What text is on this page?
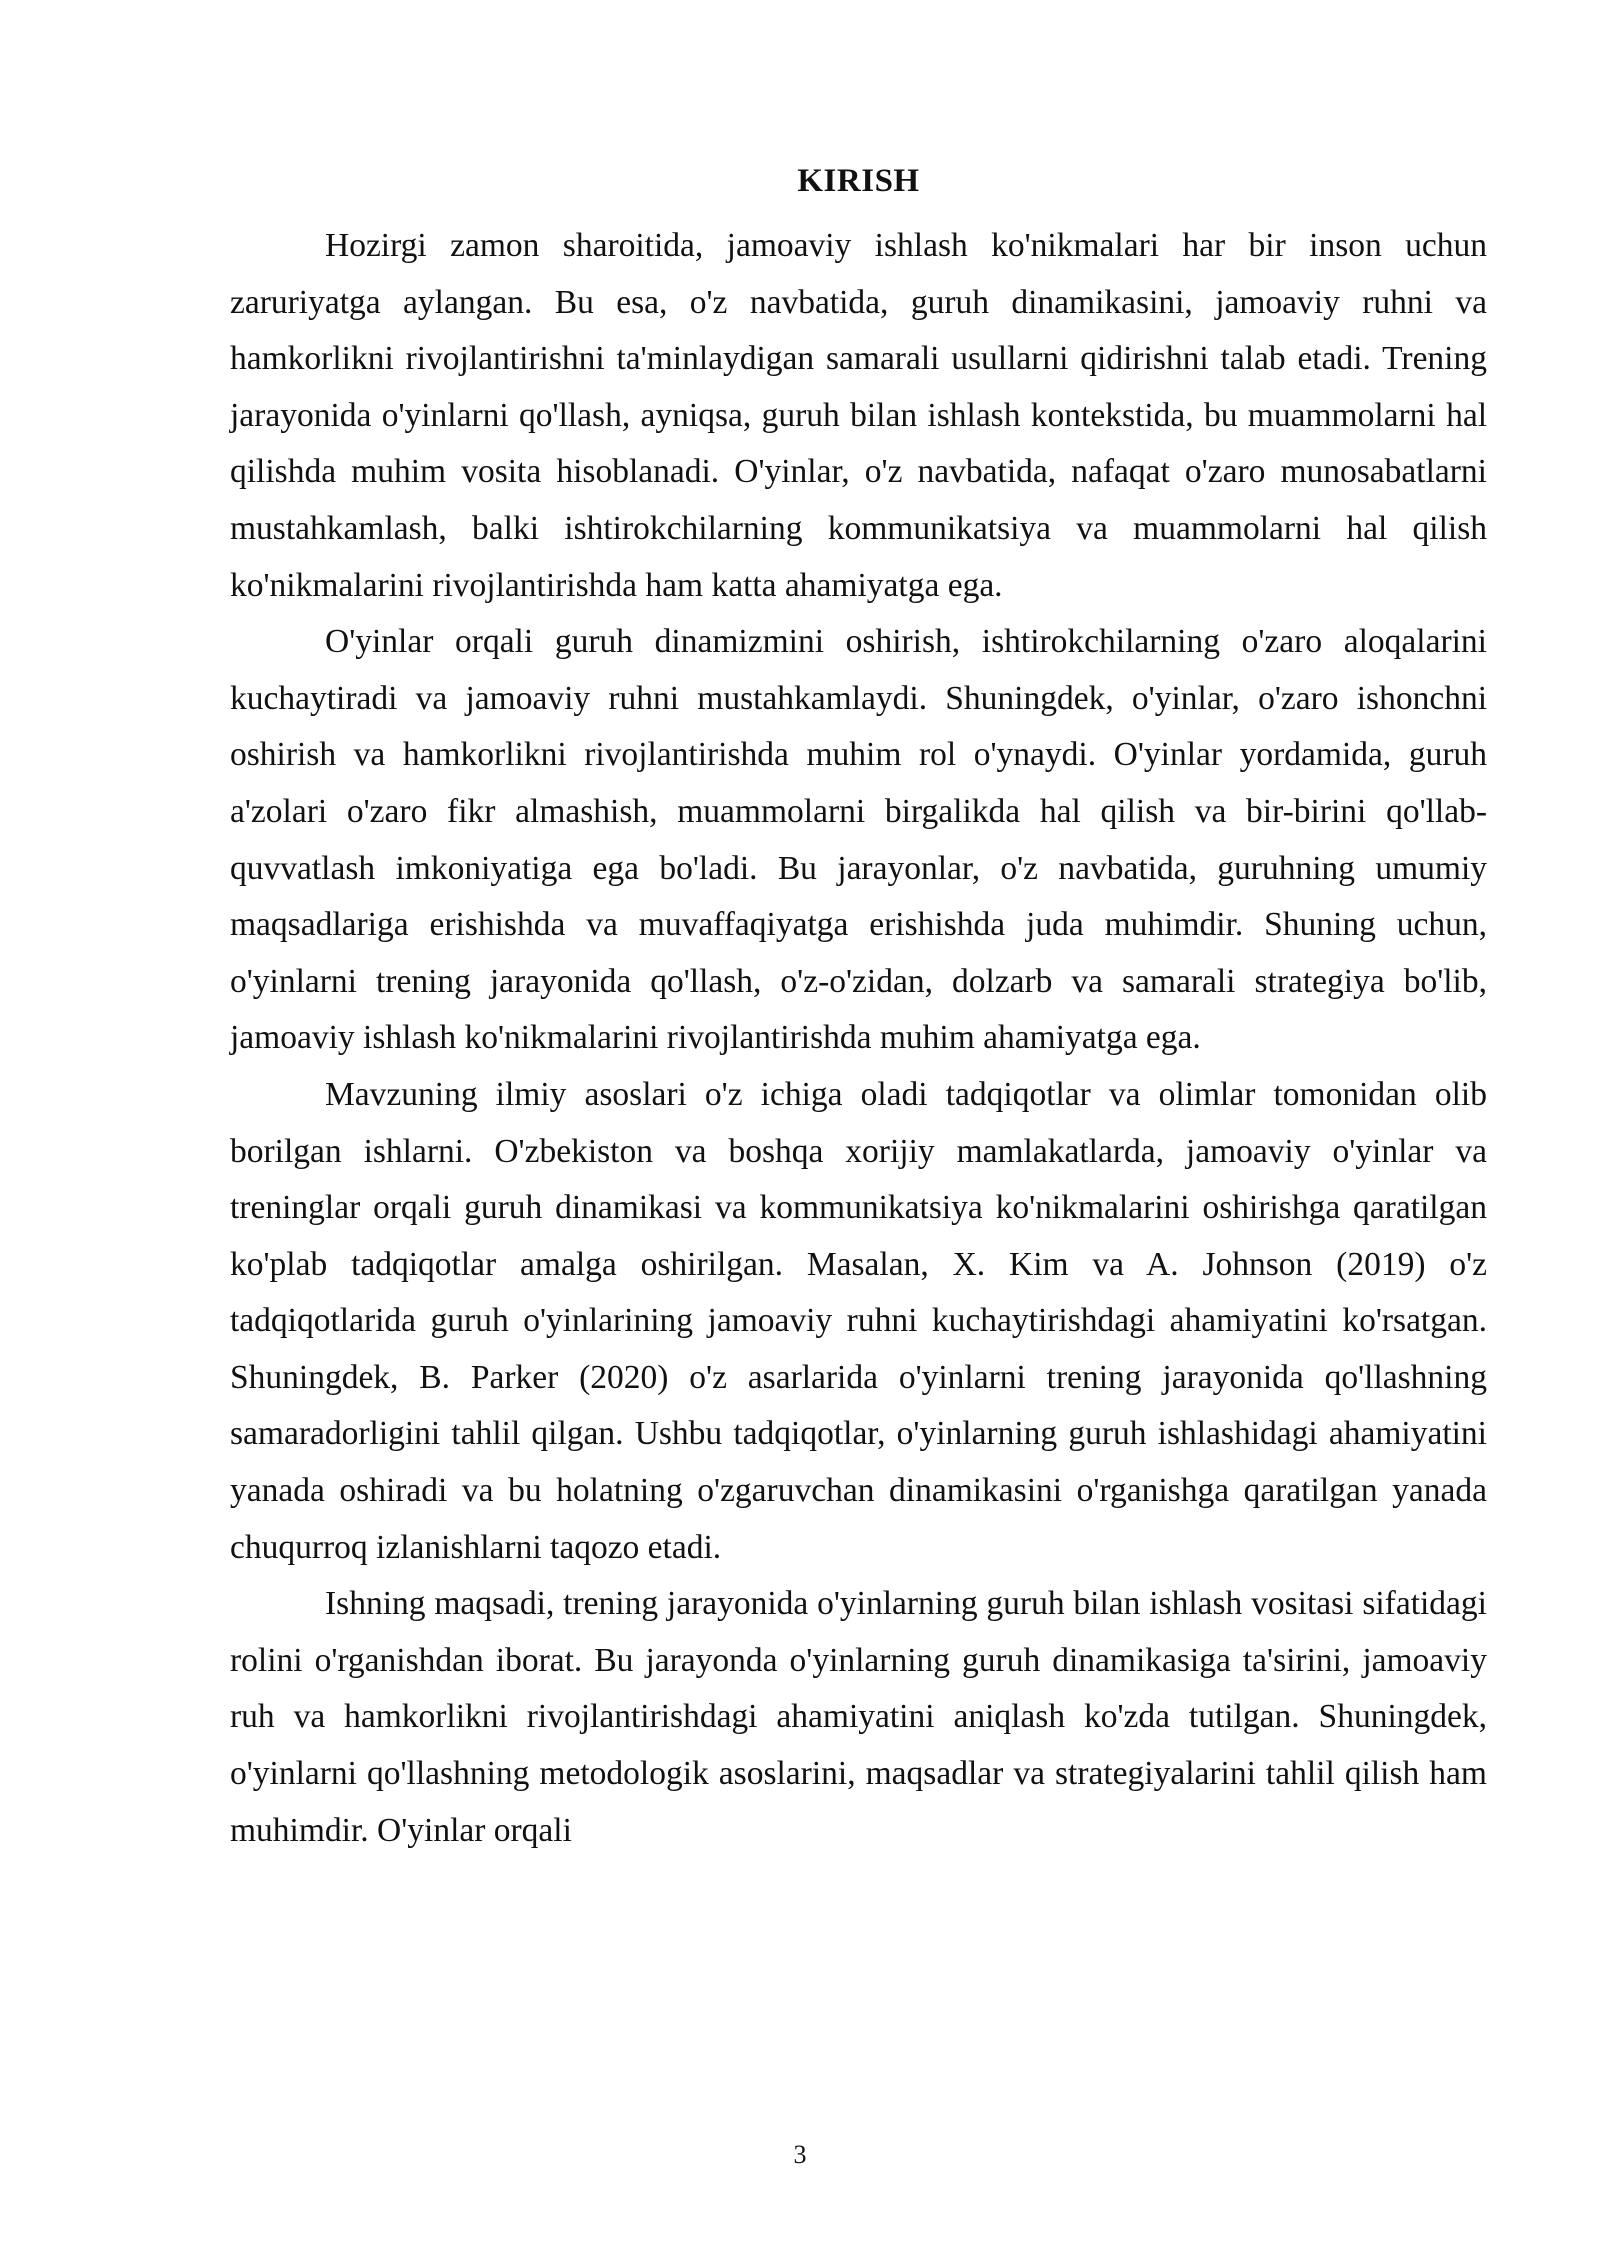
KIRISH

Hozirgi zamon sharoitida, jamoaviy ishlash ko'nikmalari har bir inson uchun zaruriyatga aylangan. Bu esa, o'z navbatida, guruh dinamikasini, jamoaviy ruhni va hamkorlikni rivojlantirishni ta'minlaydigan samarali usullarni qidirishni talab etadi. Trening jarayonida o'yinlarni qo'llash, ayniqsa, guruh bilan ishlash kontekstida, bu muammolarni hal qilishda muhim vosita hisoblanadi. O'yinlar, o'z navbatida, nafaqat o'zaro munosabatlarni mustahkamlash, balki ishtirokchilarning kommunikatsiya va muammolarni hal qilish ko'nikmalarini rivojlantirishda ham katta ahamiyatga ega.

O'yinlar orqali guruh dinamizmini oshirish, ishtirokchilarning o'zaro aloqalarini kuchaytiradi va jamoaviy ruhni mustahkamlaydi. Shuningdek, o'yinlar, o'zaro ishonchni oshirish va hamkorlikni rivojlantirishda muhim rol o'ynaydi. O'yinlar yordamida, guruh a'zolari o'zaro fikr almashish, muammolarni birgalikda hal qilish va bir-birini qo'llab-quvvatlash imkoniyatiga ega bo'ladi. Bu jarayonlar, o'z navbatida, guruhning umumiy maqsadlariga erishishda va muvaffaqiyatga erishishda juda muhimdir. Shuning uchun, o'yinlarni trening jarayonida qo'llash, o'z-o'zidan, dolzarb va samarali strategiya bo'lib, jamoaviy ishlash ko'nikmalarini rivojlantirishda muhim ahamiyatga ega.

Mavzuning ilmiy asoslari o'z ichiga oladi tadqiqotlar va olimlar tomonidan olib borilgan ishlarni. O'zbekiston va boshqa xorijiy mamlakatlarda, jamoaviy o'yinlar va treninglar orqali guruh dinamikasi va kommunikatsiya ko'nikmalarini oshirishga qaratilgan ko'plab tadqiqotlar amalga oshirilgan. Masalan, X. Kim va A. Johnson (2019) o'z tadqiqotlarida guruh o'yinlarining jamoaviy ruhni kuchaytirishdagi ahamiyatini ko'rsatgan. Shuningdek, B. Parker (2020) o'z asarlarida o'yinlarni trening jarayonida qo'llashning samaradorligini tahlil qilgan. Ushbu tadqiqotlar, o'yinlarning guruh ishlashidagi ahamiyatini yanada oshiradi va bu holatning o'zgaruvchan dinamikasini o'rganishga qaratilgan yanada chuqurroq izlanishlarni taqozo etadi.

Ishning maqsadi, trening jarayonida o'yinlarning guruh bilan ishlash vositasi sifatidagi rolini o'rganishdan iborat. Bu jarayonda o'yinlarning guruh dinamikasiga ta'sirini, jamoaviy ruh va hamkorlikni rivojlantirishdagi ahamiyatini aniqlash ko'zda tutilgan. Shuningdek, o'yinlarni qo'llashning metodologik asoslarini, maqsadlar va strategiyalarini tahlil qilish ham muhimdir. O'yinlar orqali

3
